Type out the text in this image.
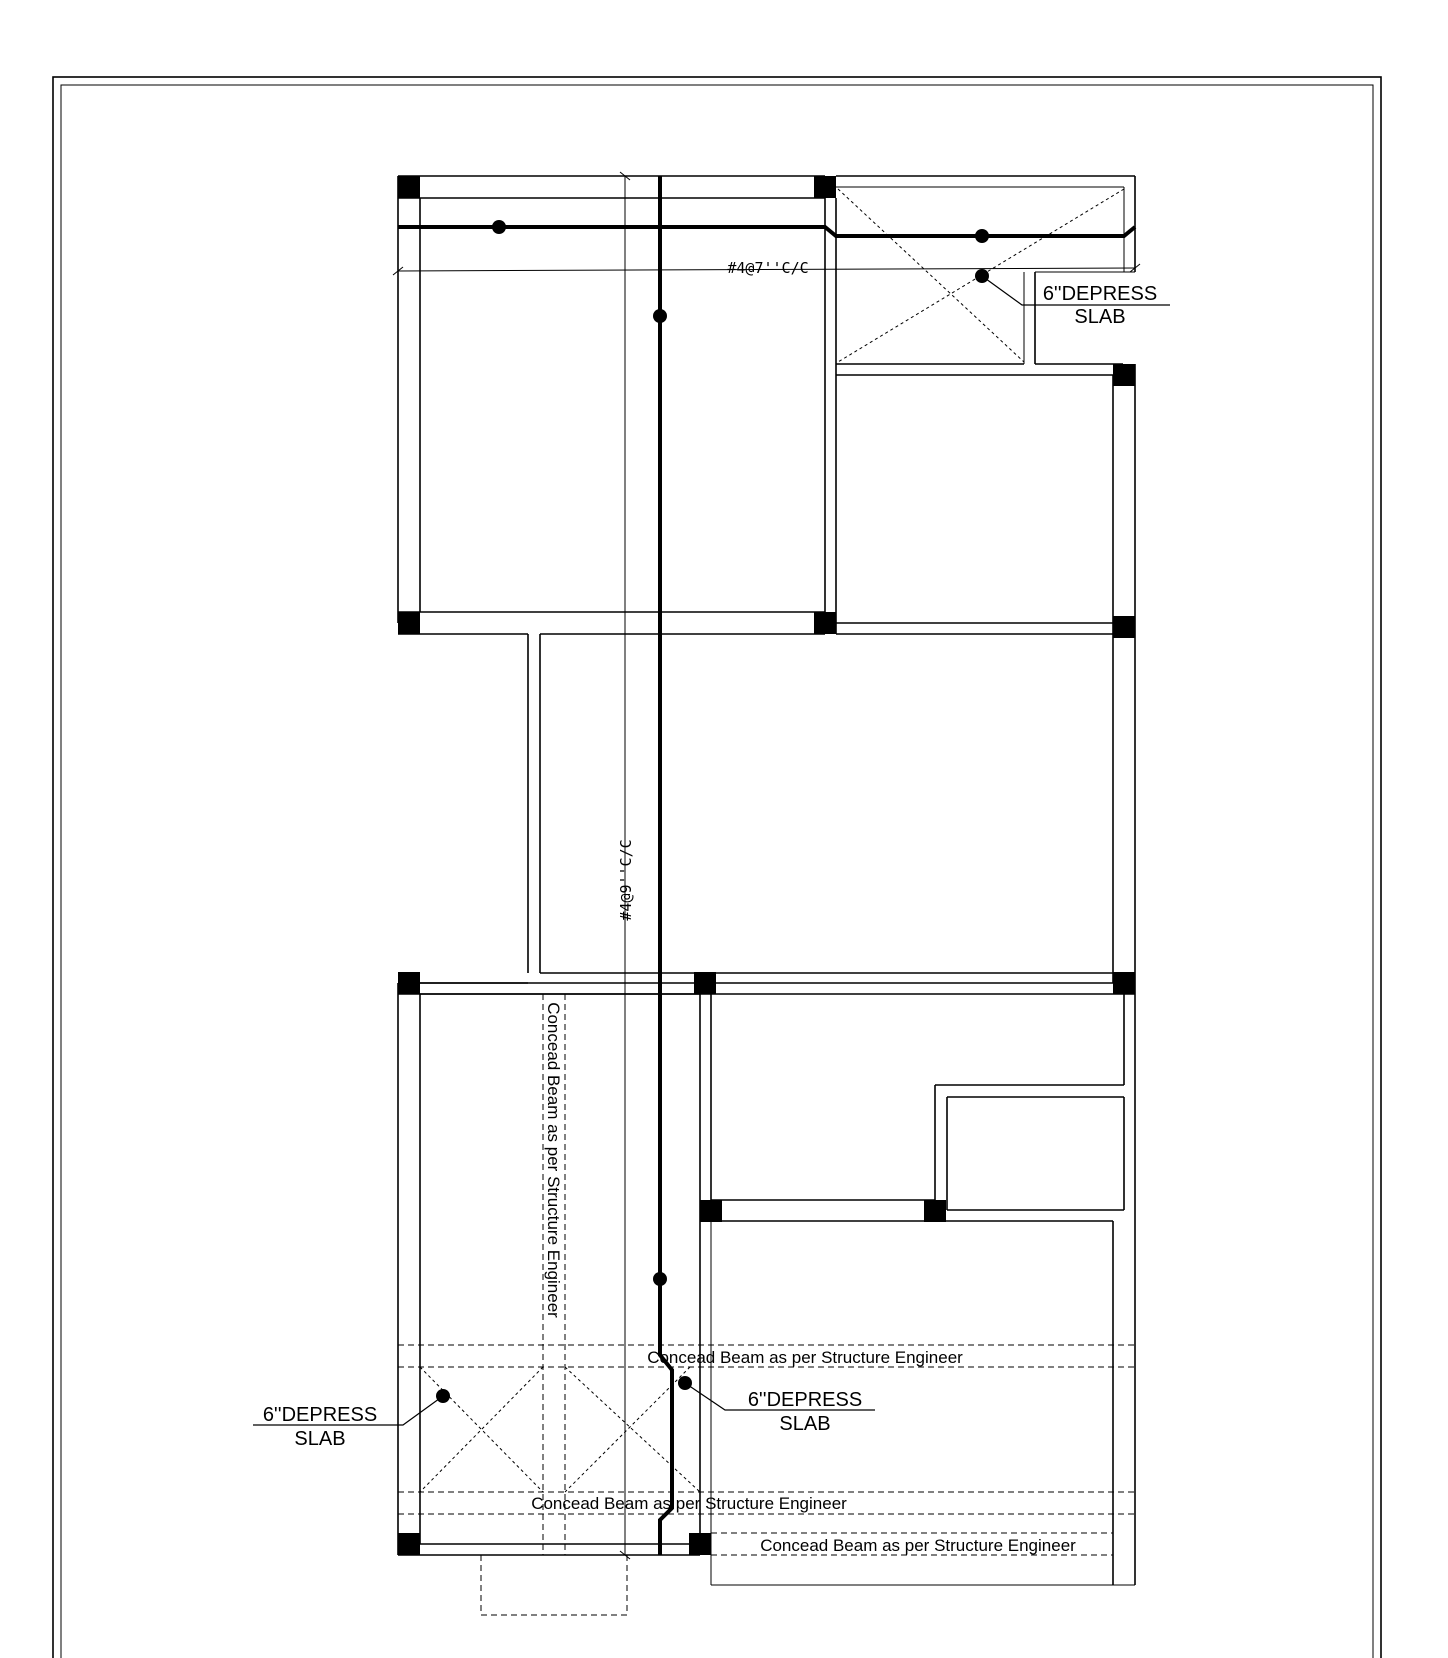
6''DEPRESS
SLAB
6''DEPRESS
SLAB
6''DEPRESS
SLAB
#4@7''C/C
#4@9''C/C
Concead Beam as per Structure Engineer
Concead Beam as per Structure Engineer
Concead Beam as per Structure Engineer
Concead Beam as per Structure Engineer
